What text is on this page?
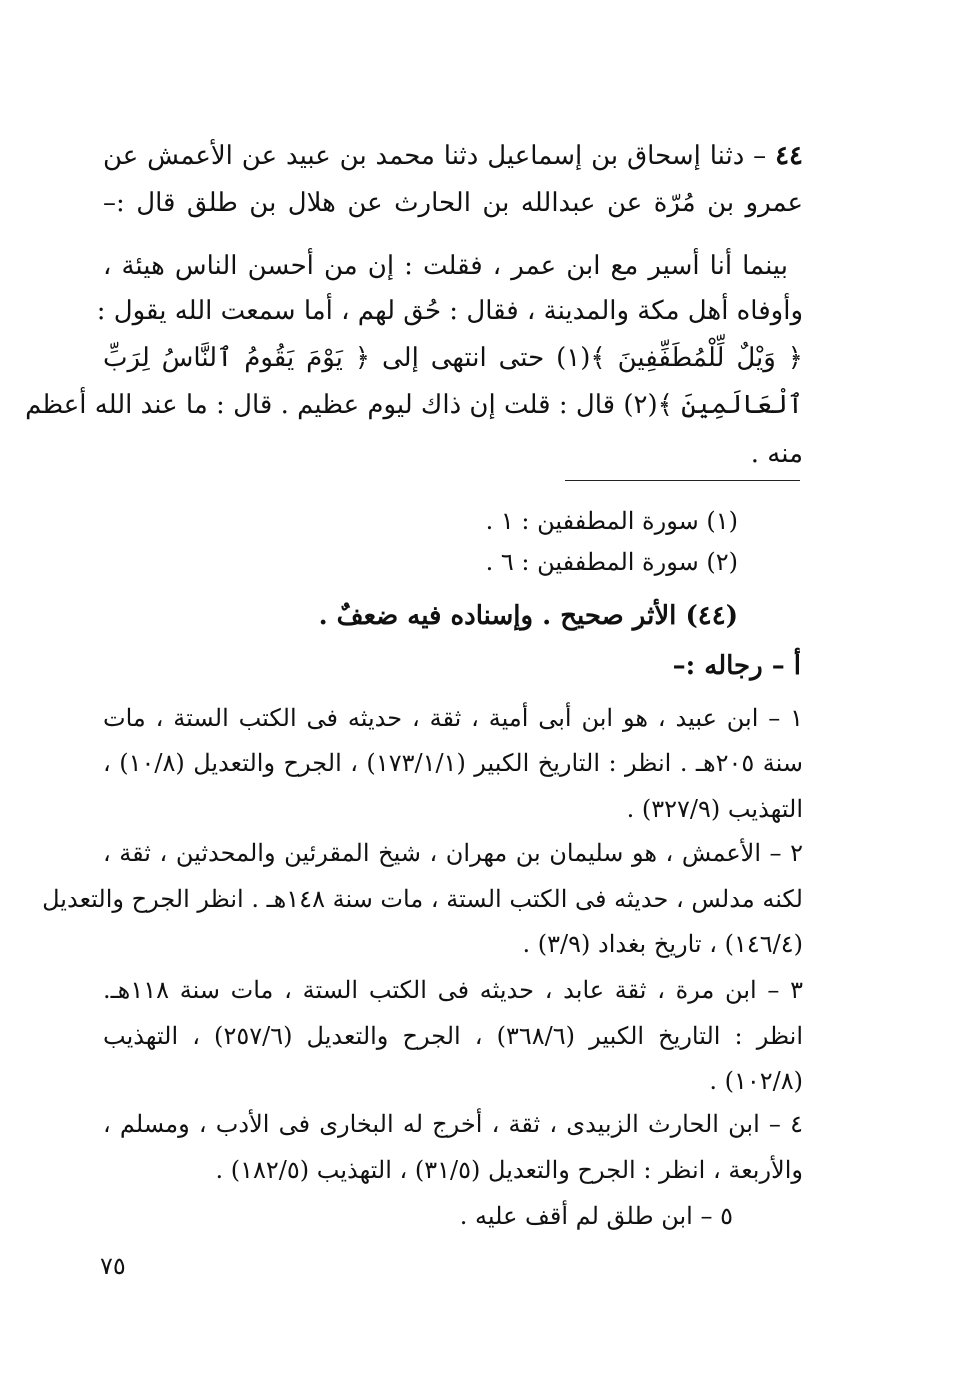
٤٤ – دثنا إسحاق بن إسماعيل دثنا محمد بن عبيد عن الأعمش عن
عمرو بن مُرّة عن عبدالله بن الحارث عن هلال بن طلق قال :–
بينما أنا أسير مع ابن عمر ، فقلت : إن من أحسن الناس هيئة ،
وأوفاه أهل مكة والمدينة ، فقال : حُق لهم ، أما سمعت الله يقول :
﴿ وَيْلٌ لِّلْمُطَفِّفِينَ ﴾(١) حتى انتهى إلى ﴿ يَوْمَ يَقُومُ ٱلنَّاسُ لِرَبِّ
ٱلْعَالَمِينَ ﴾(٢) قال : قلت إن ذاك ليوم عظيم . قال : ما عند الله أعظم
منه .
(١) سورة المطففين : ١ .
(٢) سورة المطففين : ٦ .
(٤٤) الأثر صحيح . وإسناده فيه ضعفٌ .
أ – رجاله :–
١ – ابن عبيد ، هو ابن أبى أمية ، ثقة ، حديثه فى الكتب الستة ، مات
سنة ٢٠٥هـ . انظر : التاريخ الكبير (١٧٣/١/١) ، الجرح والتعديل (١٠/٨) ،
التهذيب (٣٢٧/٩) .
٢ – الأعمش ، هو سليمان بن مهران ، شيخ المقرئين والمحدثين ، ثقة ،
لكنه مدلس ، حديثه فى الكتب الستة ، مات سنة ١٤٨هـ . انظر الجرح والتعديل
(١٤٦/٤) ، تاريخ بغداد (٣/٩) .
٣ – ابن مرة ، ثقة عابد ، حديثه فى الكتب الستة ، مات سنة ١١٨هـ.
انظر : التاريخ الكبير (٣٦٨/٦) ، الجرح والتعديل (٢٥٧/٦) ، التهذيب
(١٠٢/٨) .
٤ – ابن الحارث الزبيدى ، ثقة ، أخرج له البخارى فى الأدب ، ومسلم ،
والأربعة ، انظر : الجرح والتعديل (٣١/٥) ، التهذيب (١٨٢/٥) .
٥ – ابن طلق لم أقف عليه .
٧٥
